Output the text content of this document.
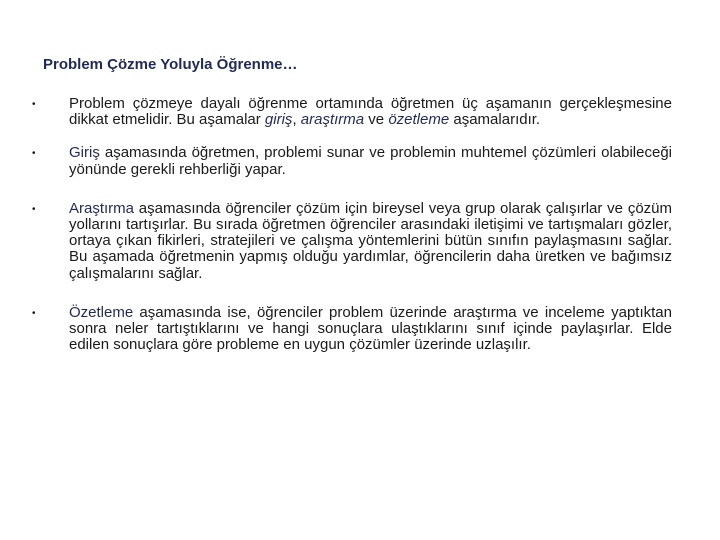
Problem Çözme Yoluyla Öğrenme…
•	Problem çözmeye dayalı öğrenme ortamında öğretmen üç aşamanın gerçekleşmesine dikkat etmelidir. Bu aşamalar giriş, araştırma ve özetleme aşamalarıdır.
•	Giriş aşamasında öğretmen, problemi sunar ve problemin muhtemel çözümleri olabileceği yönünde gerekli rehberliği yapar.
•	Araştırma aşamasında öğrenciler çözüm için bireysel veya grup olarak çalışırlar ve çözüm yollarını tartışırlar. Bu sırada öğretmen öğrenciler arasındaki iletişimi ve tartışmaları gözler, ortaya çıkan fikirleri, stratejileri ve çalışma yöntemlerini bütün sınıfın paylaşmasını sağlar. Bu aşamada öğretmenin yapmış olduğu yardımlar, öğrencilerin daha üretken ve bağımsız çalışmalarını sağlar.
•	Özetleme aşamasında ise, öğrenciler problem üzerinde araştırma ve inceleme yaptıktan sonra neler tartıştıklarını ve hangi sonuçlara ulaştıklarını sınıf içinde paylaşırlar. Elde edilen sonuçlara göre probleme en uygun çözümler üzerinde uzlaşılır.
